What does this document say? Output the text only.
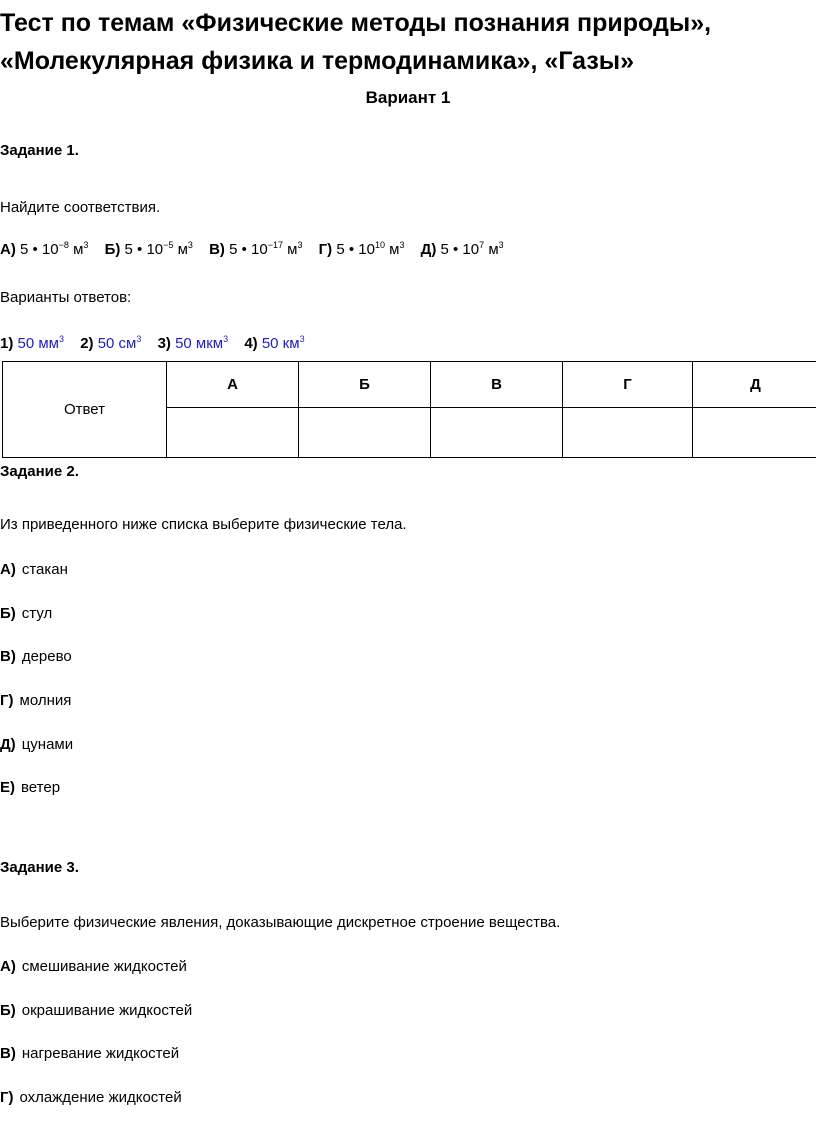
Тест по темам «Физические методы познания природы»,
«Молекулярная физика и термодинамика», «Газы»
Вариант 1
Задание 1.
Найдите соответствия.
А) 5 • $10^{-8}$ $м^3$ Б) 5 • $10^{-5}$ $м^3$ В) 5 • $10^{-17}$ $м^3$ Г) 5 • $10^{10}$ $м^3$ Д) 5 • $10^7$ $м^3$
Варианты ответов:
1) 50 $мм^3$ 2) 50 $см^3$ 3) 50 мкм$^3$ 4) 50 $км^3$
Ответ	А	Б	В	Г	Д

Задание 2.
Из приведенного ниже списка выберите физические тела.
А) стакан
Б) стул
В) дерево
Г) молния
Д) цунами
Е) ветер
Задание 3.
Выберите физические явления, доказывающие дискретное строение вещества.
А) смешивание жидкостей
Б) окрашивание жидкостей
В) нагревание жидкостей
Г) охлаждение жидкостей
